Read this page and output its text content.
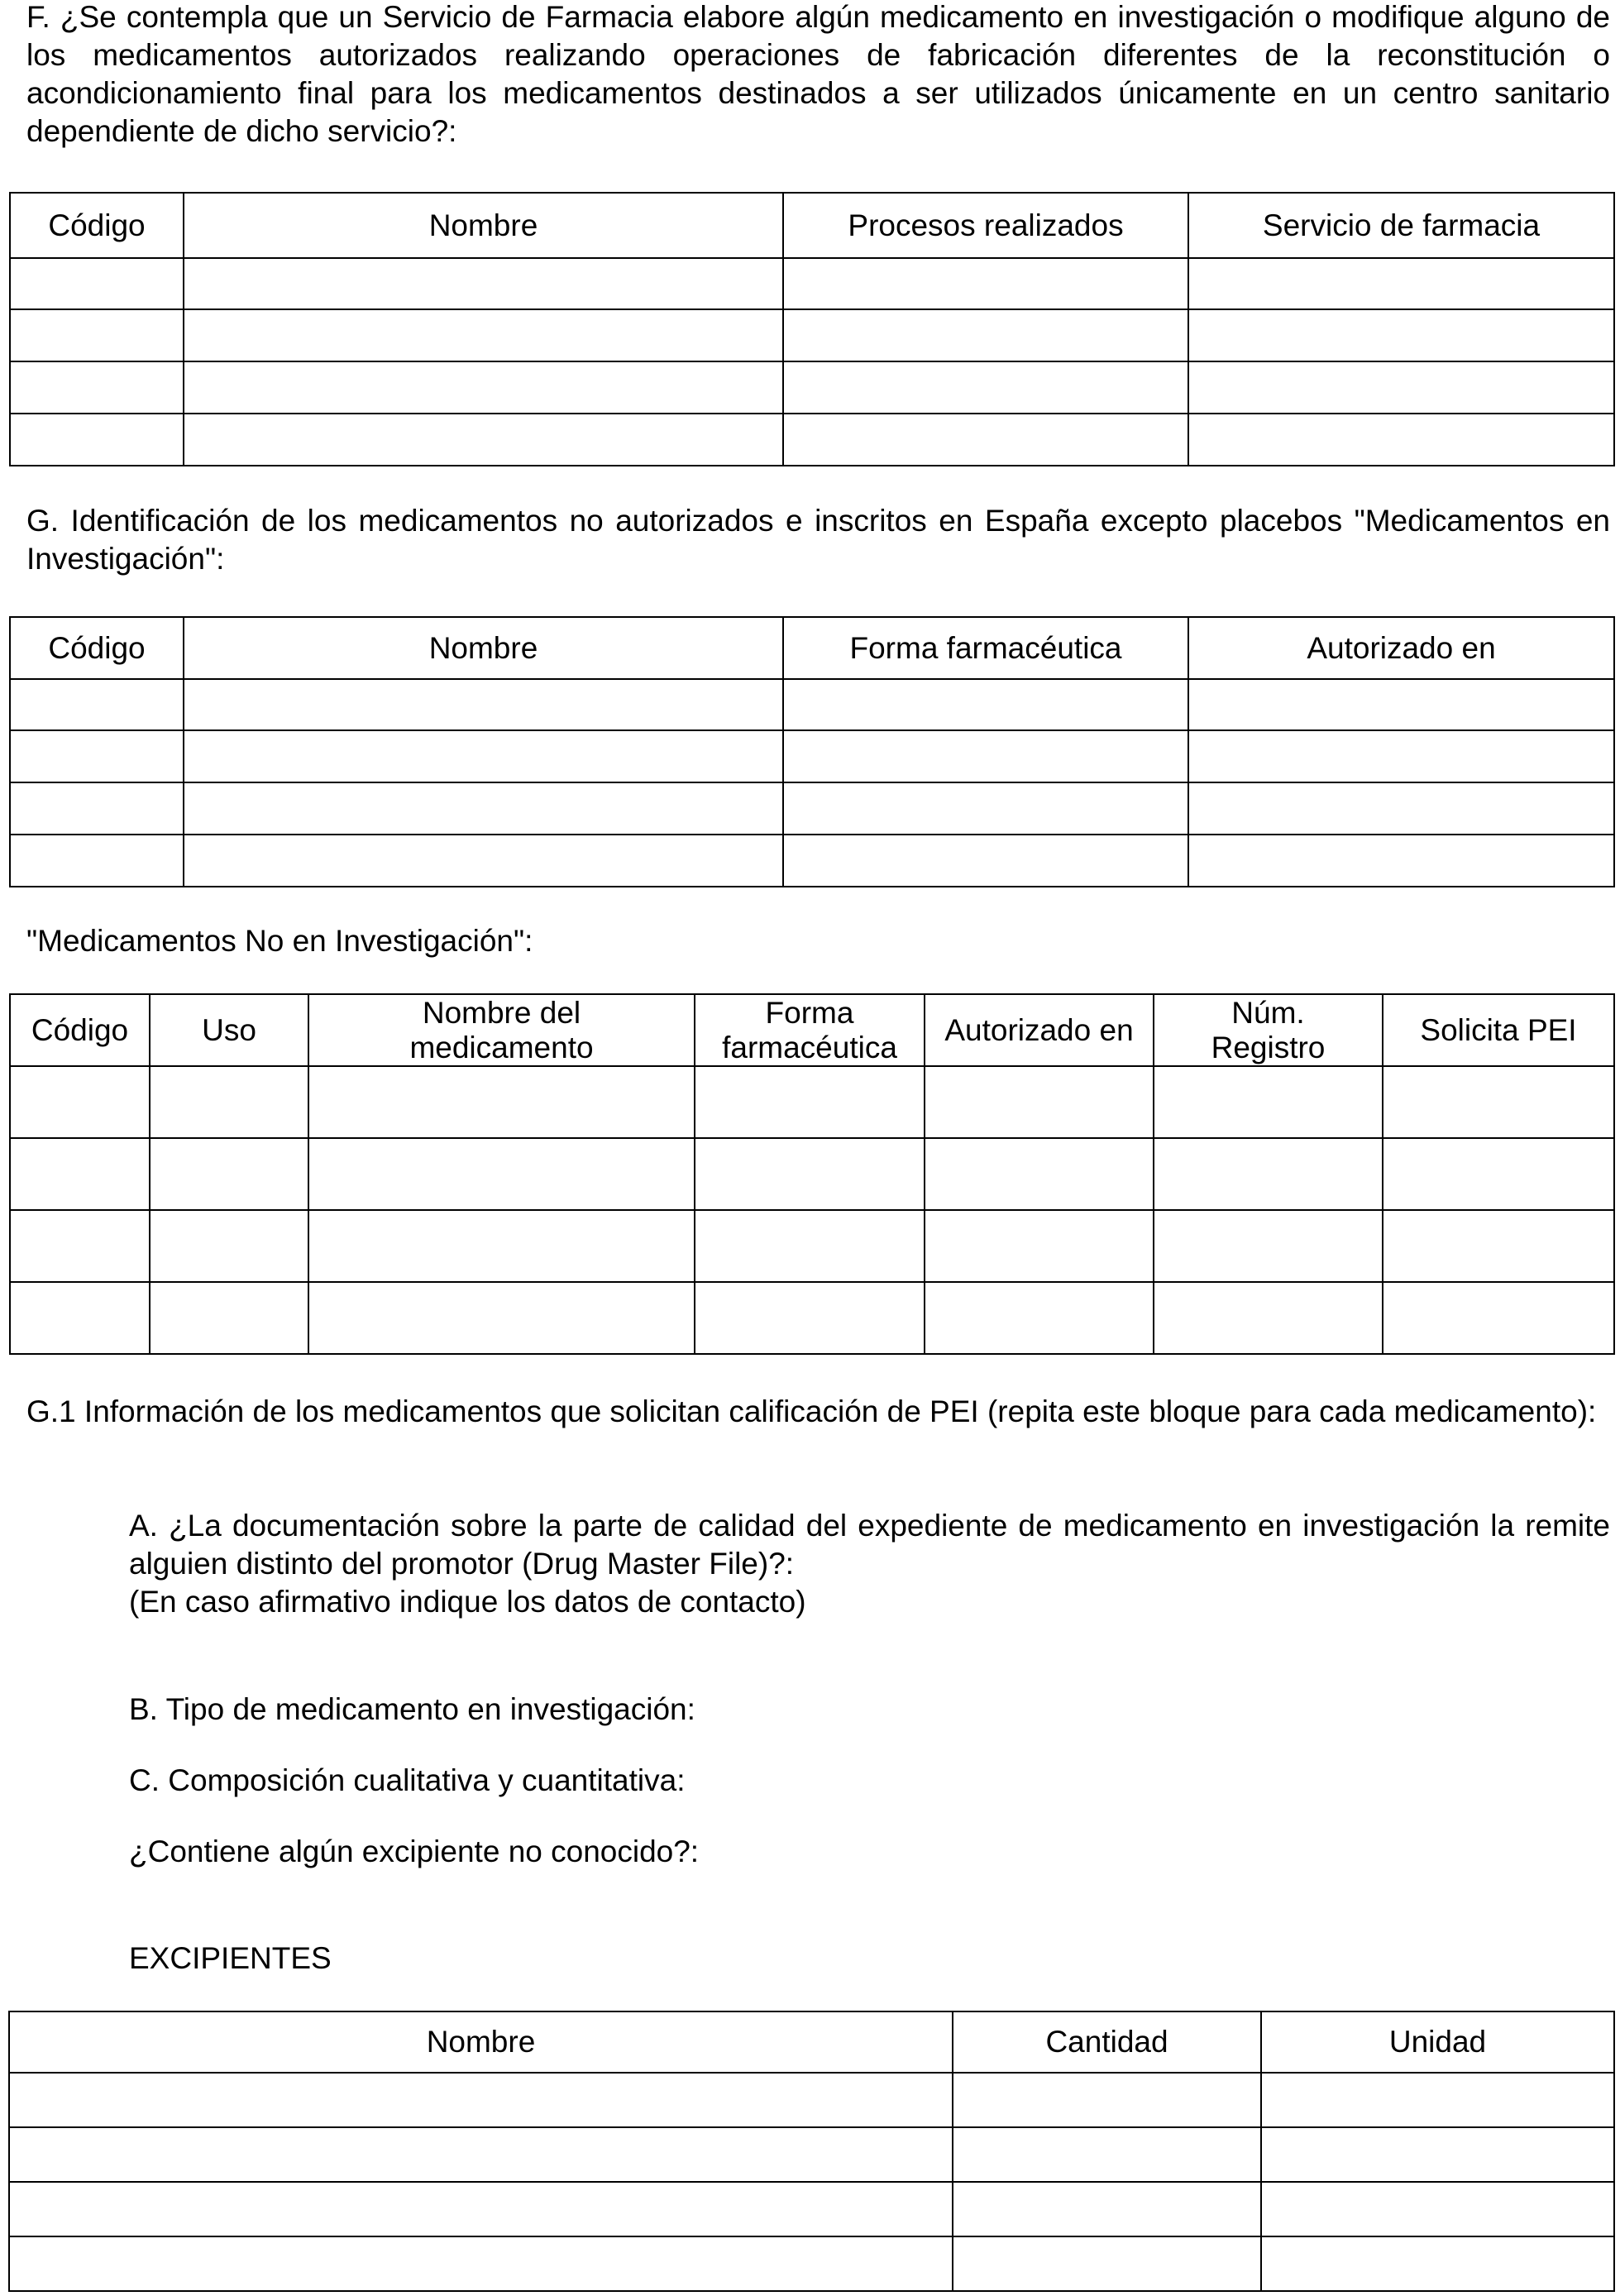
F. ¿Se contempla que un Servicio de Farmacia elabore algún medicamento en investigación o modifique alguno de los medicamentos autorizados realizando operaciones de fabricación diferentes de la reconstitución o acondicionamiento final para los medicamentos destinados a ser utilizados únicamente en un centro sanitario dependiente de dicho servicio?:

Código	Nombre	Procesos realizados	Servicio de farmacia

G. Identificación de los medicamentos no autorizados e inscritos en España excepto placebos "Medicamentos en Investigación":

Código	Nombre	Forma farmacéutica	Autorizado en

"Medicamentos No en Investigación":

Código	Uso	Nombre del medicamento	Forma farmacéutica	Autorizado en	Núm. Registro	Solicita PEI

G.1 Información de los medicamentos que solicitan calificación de PEI (repita este bloque para cada medicamento):

A. ¿La documentación sobre la parte de calidad del expediente de medicamento en investigación la remite alguien distinto del promotor (Drug Master File)?:

(En caso afirmativo indique los datos de contacto)

B. Tipo de medicamento en investigación:

C. Composición cualitativa y cuantitativa:

¿Contiene algún excipiente no conocido?:

EXCIPIENTES

Nombre	Cantidad	Unidad
